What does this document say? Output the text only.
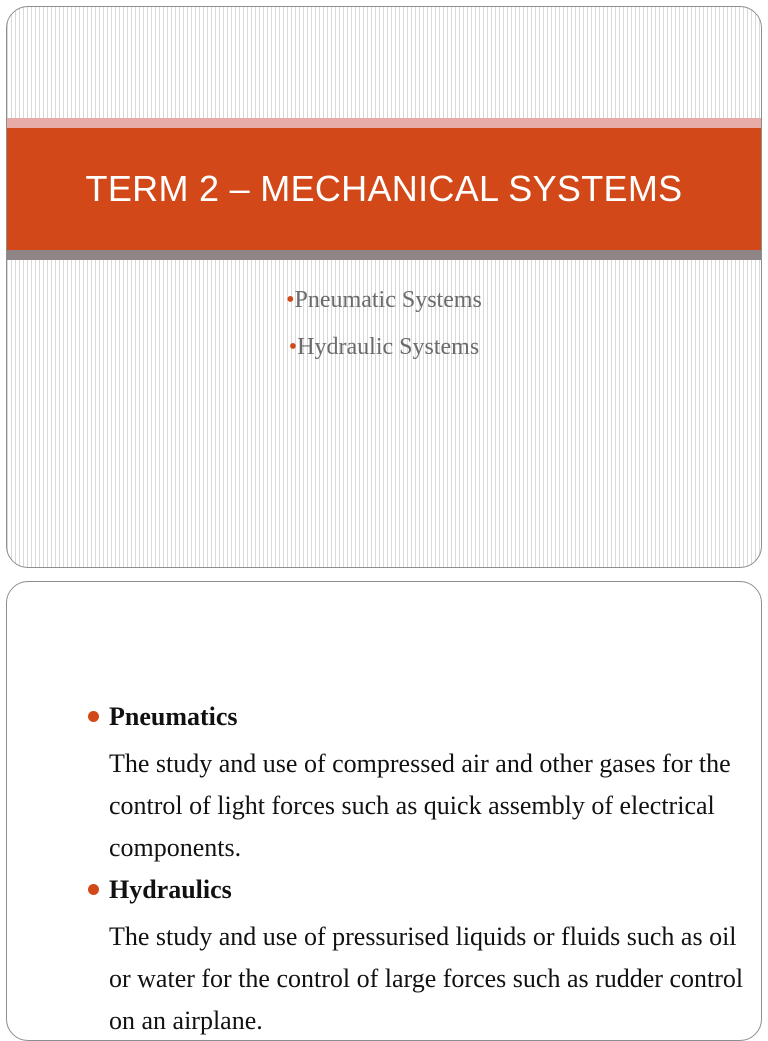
TERM 2 – MECHANICAL SYSTEMS
•Pneumatic Systems
•Hydraulic Systems
Pneumatics
The study and use of compressed air and other gases for the control of light forces such as quick assembly of electrical components.
Hydraulics
The study and use of pressurised liquids or fluids such as oil or water for the control of large forces such as rudder control on an airplane.
